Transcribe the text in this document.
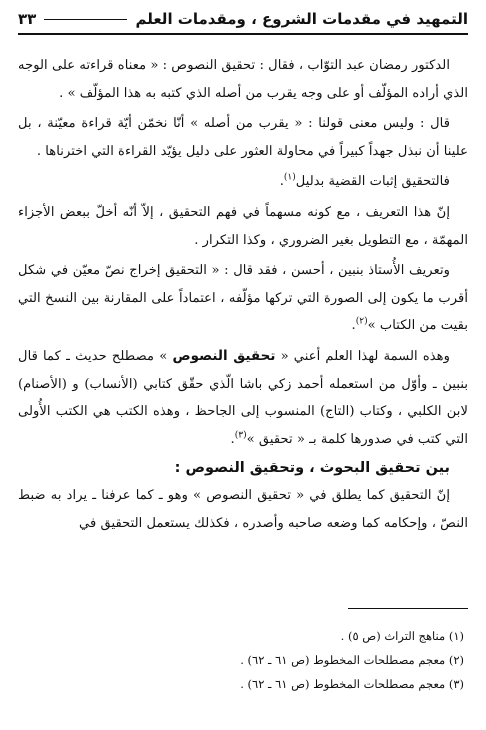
التمهيد في مقدمات الشروع ، ومقدمات العلم
٣٣

الدكتور رمضان عبد التوّاب ، فقال : تحقيق النصوص : « معناه قراءته على الوجه الذي أراده المؤلّف أو على وجه يقرب من أصله الذي كتبه به هذا المؤلّف » .

قال : وليس معنى قولنا : « يقرب من أصله » أنّا نخمّن أيّة قراءة معيّنة ، بل علينا أن نبذل جهداً كبيراً في محاولة العثور على دليل يؤيّد القراءة التي اخترناها .

فالتحقيق إثبات القضية بدليل$^{(١)}$.

إنّ هذا التعريف ، مع كونه مسهماً في فهم التحقيق ، إلاّ أنّه أخلّ ببعض الأجزاء المهمّة ، مع التطويل بغير الضروري ، وكذا التكرار .

وتعريف الأُستاذ بنبين ، أحسن ، فقد قال : « التحقيق إخراج نصّ معيّن في شكل أقرب ما يكون إلى الصورة التي تركها مؤلّفه ، اعتماداً على المقارنة بين النسخ التي بقيت من الكتاب »$^{(٢)}$.

وهذه السمة لهذا العلم أعني « تحقيق النصوص » مصطلح حديث ـ كما قال بنبين ـ وأوّل من استعمله أحمد زكي باشا الّذي حقّق كتابي (الأنساب) و (الأصنام) لابن الكلبي ، وكتاب (التاج) المنسوب إلى الجاحظ ، وهذه الكتب هي الكتب الأُولى التي كتب في صدورها كلمة بـ « تحقيق »$^{(٣)}$.

بين تحقيق البحوث ، وتحقيق النصوص :

إنّ التحقيق كما يطلق في « تحقيق النصوص » وهو ـ كما عرفنا ـ يراد به ضبط النصّ ، وإحكامه كما وضعه صاحبه وأصدره ، فكذلك يستعمل التحقيق في

(١) مناهج التراث (ص ٥) .

(٢) معجم مصطلحات المخطوط (ص ٦١ ـ ٦٢) .

(٣) معجم مصطلحات المخطوط (ص ٦١ ـ ٦٢) .
